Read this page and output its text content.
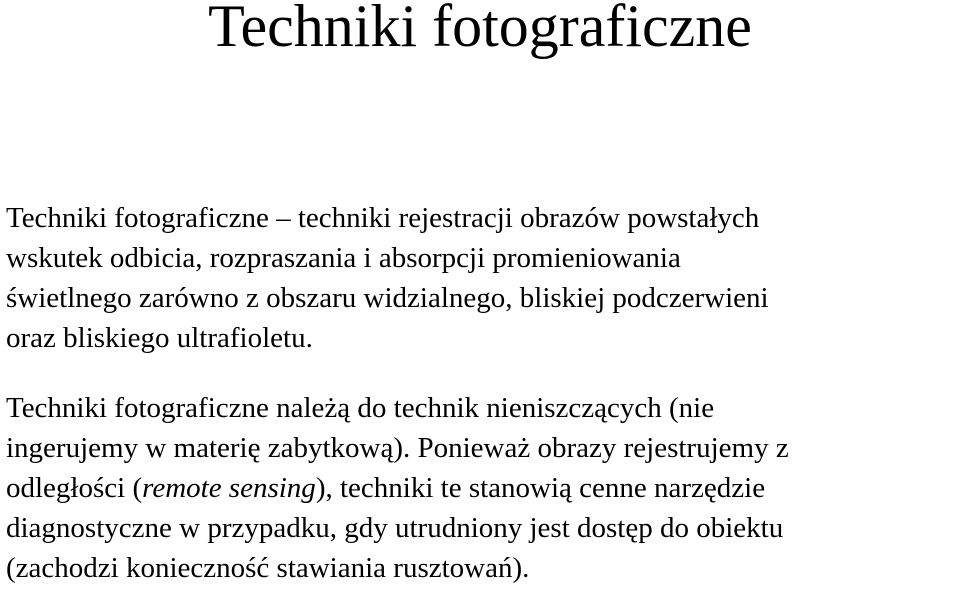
Techniki fotograficzne
Techniki fotograficzne – techniki rejestracji obrazów powstałych
wskutek odbicia, rozpraszania i absorpcji promieniowania
świetlnego zarówno z obszaru widzialnego, bliskiej podczerwieni
oraz bliskiego ultrafioletu.
Techniki fotograficzne należą do technik nieniszczących (nie
ingerujemy w materię zabytkową). Ponieważ obrazy rejestrujemy z
odległości (remote sensing), techniki te stanowią cenne narzędzie
diagnostyczne w przypadku, gdy utrudniony jest dostęp do obiektu
(zachodzi konieczność stawiania rusztowań).
